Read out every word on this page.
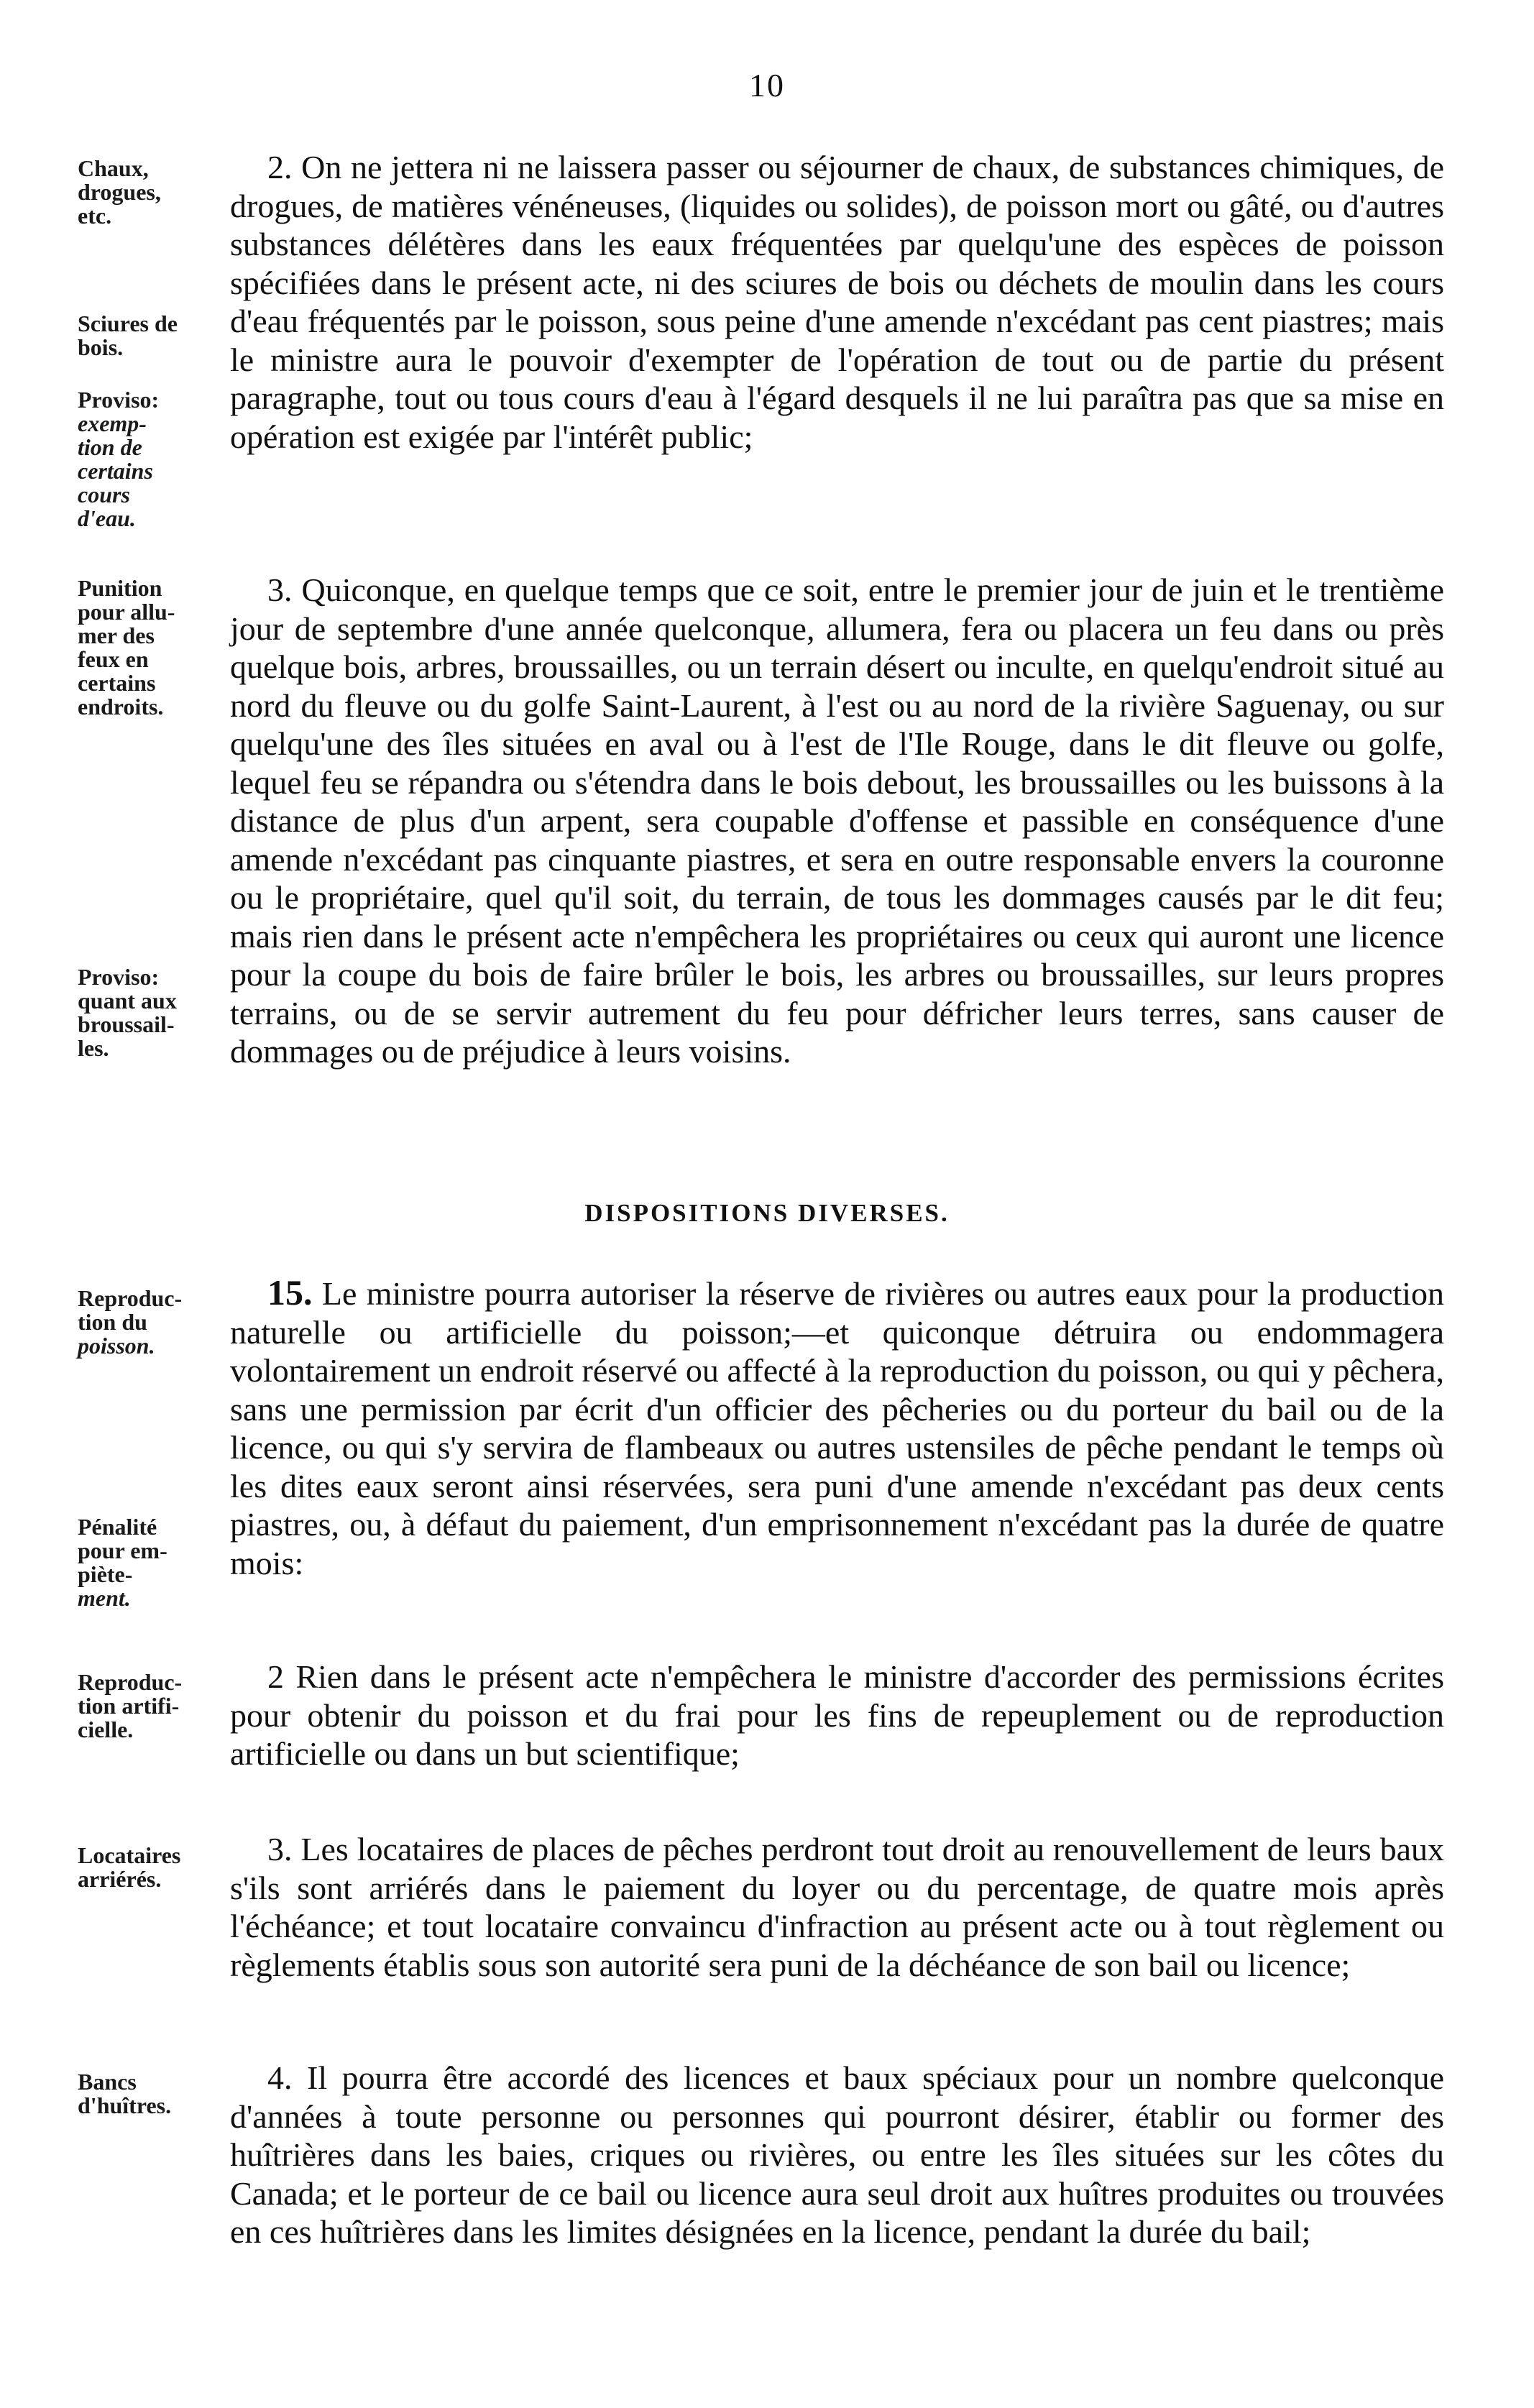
10
Chaux,
drogues,
etc.
Sciures de
bois.
Proviso:
exemp-
tion de
certains
cours
d'eau.
2. On ne jettera ni ne laissera passer ou séjourner de chaux, de substances chimiques, de drogues, de matières vénéneuses, (liquides ou solides), de poisson mort ou gâté, ou d'autres substances délétères dans les eaux fréquentées par quelqu'une des espèces de poisson spécifiées dans le présent acte, ni des sciures de bois ou déchets de moulin dans les cours d'eau fréquentés par le poisson, sous peine d'une amende n'excédant pas cent piastres; mais le ministre aura le pouvoir d'exempter de l'opération de tout ou de partie du présent paragraphe, tout ou tous cours d'eau à l'égard desquels il ne lui paraîtra pas que sa mise en opération est exigée par l'intérêt public;
Punition
pour allu-
mer des
feux en
certains
endroits.
Proviso:
quant aux
broussail-
les.
3. Quiconque, en quelque temps que ce soit, entre le premier jour de juin et le trentième jour de septembre d'une année quelconque, allumera, fera ou placera un feu dans ou près quelque bois, arbres, broussailles, ou un terrain désert ou inculte, en quelqu'endroit situé au nord du fleuve ou du golfe Saint-Laurent, à l'est ou au nord de la rivière Saguenay, ou sur quelqu'une des îles situées en aval ou à l'est de l'Ile Rouge, dans le dit fleuve ou golfe, lequel feu se répandra ou s'étendra dans le bois debout, les broussailles ou les buissons à la distance de plus d'un arpent, sera coupable d'offense et passible en conséquence d'une amende n'excédant pas cinquante piastres, et sera en outre responsable envers la couronne ou le propriétaire, quel qu'il soit, du terrain, de tous les dommages causés par le dit feu; mais rien dans le présent acte n'empêchera les propriétaires ou ceux qui auront une licence pour la coupe du bois de faire brûler le bois, les arbres ou broussailles, sur leurs propres terrains, ou de se servir autrement du feu pour défricher leurs terres, sans causer de dommages ou de préjudice à leurs voisins.
DISPOSITIONS DIVERSES.
Reproduc-
tion du
poisson.
Pénalité
pour em-
piète-
ment.
15. Le ministre pourra autoriser la réserve de rivières ou autres eaux pour la production naturelle ou artificielle du poisson;—et quiconque détruira ou endommagera volontairement un endroit réservé ou affecté à la reproduction du poisson, ou qui y pêchera, sans une permission par écrit d'un officier des pêcheries ou du porteur du bail ou de la licence, ou qui s'y servira de flambeaux ou autres ustensiles de pêche pendant le temps où les dites eaux seront ainsi réservées, sera puni d'une amende n'excédant pas deux cents piastres, ou, à défaut du paiement, d'un emprisonnement n'excédant pas la durée de quatre mois:
Reproduc-
tion artifi-
cielle.
2 Rien dans le présent acte n'empêchera le ministre d'accorder des permissions écrites pour obtenir du poisson et du frai pour les fins de repeuplement ou de reproduction artificielle ou dans un but scientifique;
Locataires
arriérés.
3. Les locataires de places de pêches perdront tout droit au renouvellement de leurs baux s'ils sont arriérés dans le paiement du loyer ou du percentage, de quatre mois après l'échéance; et tout locataire convaincu d'infraction au présent acte ou à tout règlement ou règlements établis sous son autorité sera puni de la déchéance de son bail ou licence;
Bancs
d'huîtres.
4. Il pourra être accordé des licences et baux spéciaux pour un nombre quelconque d'années à toute personne ou personnes qui pourront désirer, établir ou former des huîtrières dans les baies, criques ou rivières, ou entre les îles situées sur les côtes du Canada; et le porteur de ce bail ou licence aura seul droit aux huîtres produites ou trouvées en ces huîtrières dans les limites désignées en la licence, pendant la durée du bail;
